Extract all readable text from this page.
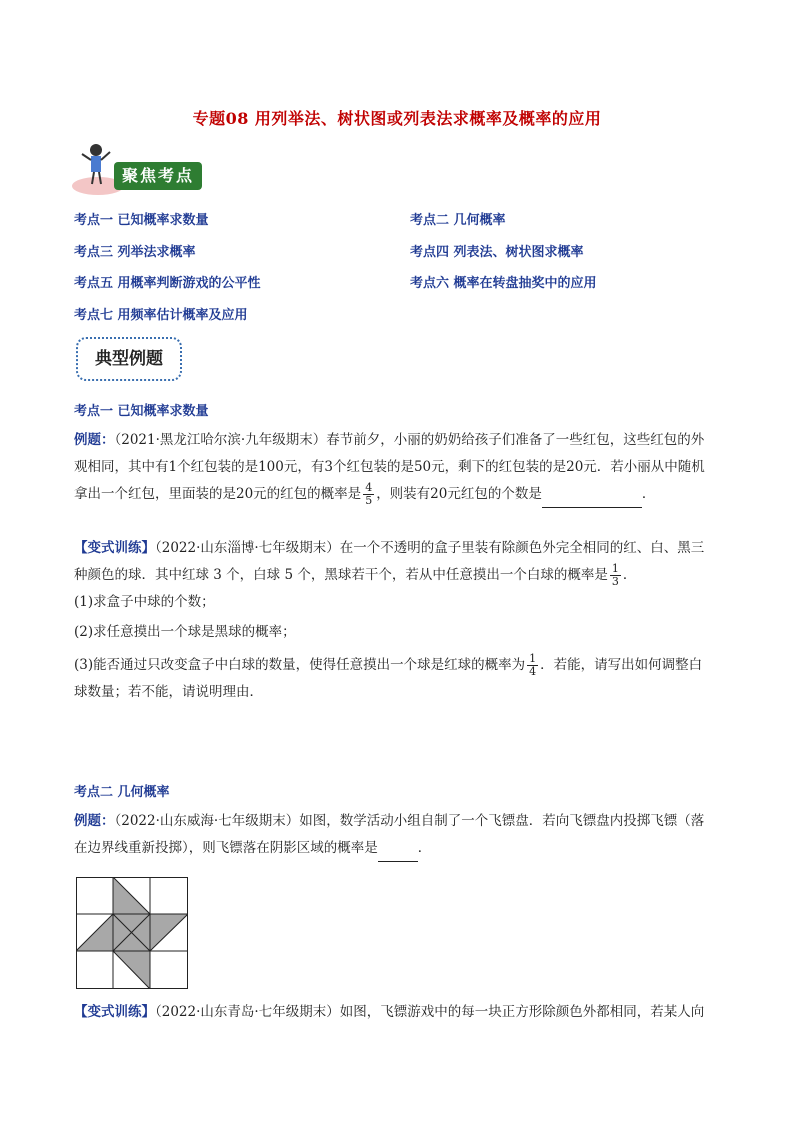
专题08 用列举法、树状图或列表法求概率及概率的应用
聚焦考点
考点一 已知概率求数量	考点二 几何概率
考点三 列举法求概率	考点四 列表法、树状图求概率
考点五 用概率判断游戏的公平性	考点六 概率在转盘抽奖中的应用
考点七 用频率估计概率及应用
典型例题
考点一 已知概率求数量
例题：（2021·黑龙江哈尔滨·九年级期末）春节前夕，小丽的奶奶给孩子们准备了一些红包，这些红包的外
观相同，其中有1个红包装的是100元，有3个红包装的是50元，剩下的红包装的是20元．若小丽从中随机
拿出一个红包，里面装的是20元的红包的概率是 $\frac{4}{5}$ ，则装有20元红包的个数是	．
【变式训练】（2022·山东淄博·七年级期末）在一个不透明的盒子里装有除颜色外完全相同的红、白、黑三
种颜色的球．其中红球 3 个，白球 5 个，黑球若干个，若从中任意摸出一个白球的概率是 $\frac{1}{3}$ ．
(1)求盒子中球的个数；
(2)求任意摸出一个球是黑球的概率；
(3)能否通过只改变盒子中白球的数量，使得任意摸出一个球是红球的概率为 $\frac{1}{4}$ ．若能，请写出如何调整白
球数量；若不能，请说明理由．
考点二 几何概率
例题：（2022·山东威海·七年级期末）如图，数学活动小组自制了一个飞镖盘．若向飞镖盘内投掷飞镖（落
在边界线重新投掷），则飞镖落在阴影区域的概率是	．
【变式训练】（2022·山东青岛·七年级期末）如图，飞镖游戏中的每一块正方形除颜色外都相同，若某人向
